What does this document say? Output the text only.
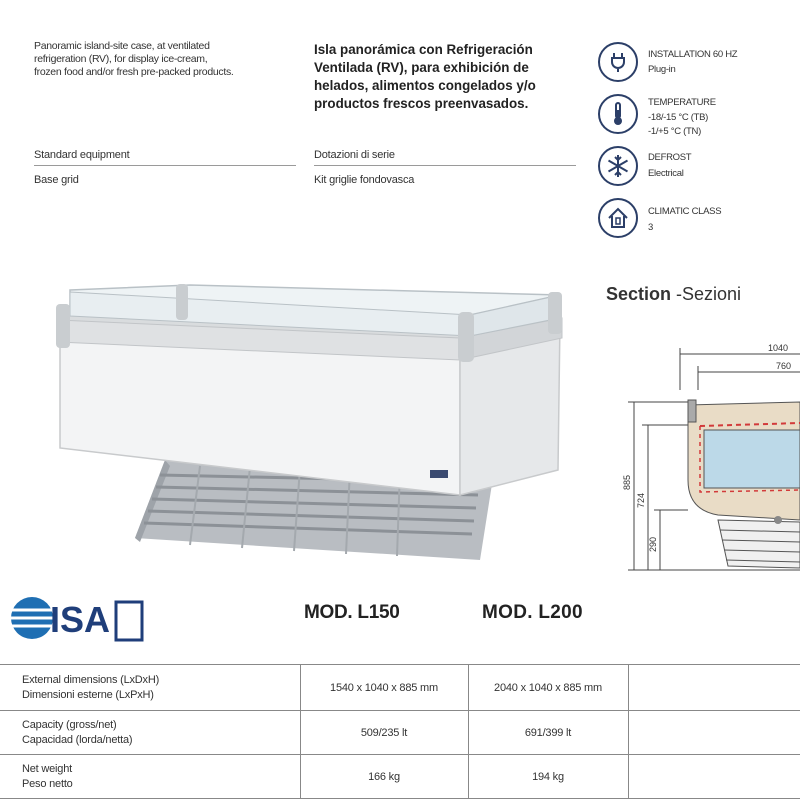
Panoramic island-site case, at ventilated
refrigeration (RV), for display ice-cream,
frozen food and/or fresh pre-packed products.
Isla panorámica con Refrigeración
Ventilada (RV), para exhibición de
helados, alimentos congelados y/o
productos frescos preenvasados.
Standard equipment
Base grid
Dotazioni di serie
Kit griglie fondovasca
INSTALLATION 60 HZ
Plug-in
TEMPERATURE
-18/-15 °C (TB)
-1/+5 °C (TN)
DEFROST
Electrical
CLIMATIC CLASS
3
Section -Sezioni
1040
760
885
724
290
ISA	MOD. L150	MOD. L200
External dimensions (LxDxH)
Dimensioni esterne (LxPxH)	1540 x 1040 x 885 mm	2040 x 1040 x 885 mm	

Capacity (gross/net)
Capacidad (lorda/netta)	509/235 lt	691/399 lt	

Net weight
Peso netto	166 kg	194 kg	
